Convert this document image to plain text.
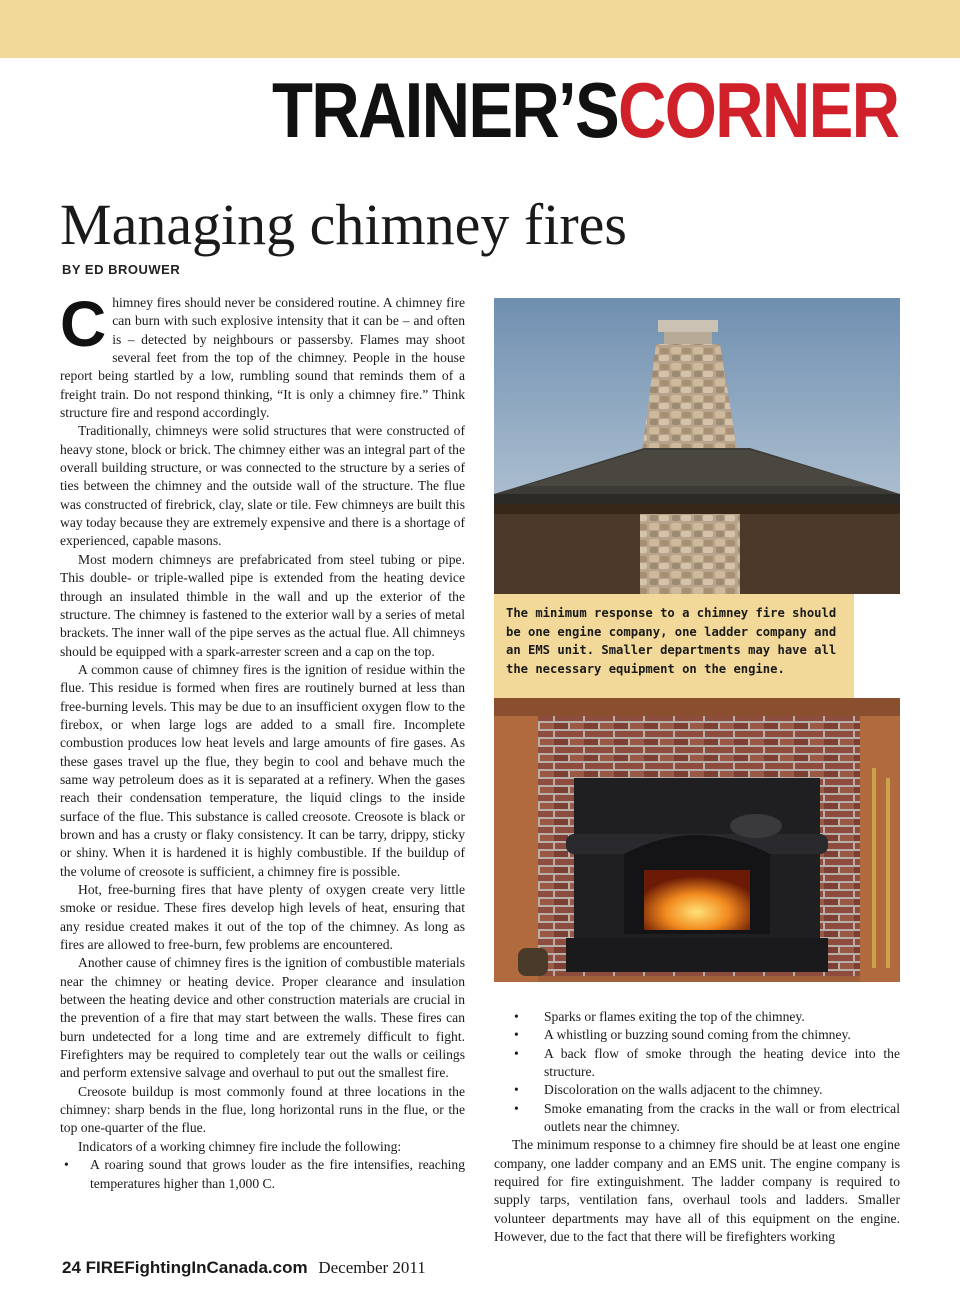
TRAINER’SCORNER
Managing chimney fires
BY ED BROUWER

Chimney fires should never be considered routine. A chimney fire can burn with such explosive intensity that it can be – and often is – detected by neighbours or passersby. Flames may shoot several feet from the top of the chimney. People in the house report being startled by a low, rumbling sound that reminds them of a freight train. Do not respond thinking, “It is only a chimney fire.” Think structure fire and respond accordingly.

Traditionally, chimneys were solid structures that were constructed of heavy stone, block or brick. The chimney either was an integral part of the overall building structure, or was connected to the structure by a series of ties between the chimney and the outside wall of the structure. The flue was constructed of firebrick, clay, slate or tile. Few chimneys are built this way today because they are extremely expensive and there is a shortage of experienced, capable masons.

Most modern chimneys are prefabricated from steel tubing or pipe. This double- or triple-walled pipe is extended from the heating device through an insulated thimble in the wall and up the exterior of the structure. The chimney is fastened to the exterior wall by a series of metal brackets. The inner wall of the pipe serves as the actual flue. All chimneys should be equipped with a spark-arrester screen and a cap on the top.

A common cause of chimney fires is the ignition of residue within the flue. This residue is formed when fires are routinely burned at less than free-burning levels. This may be due to an insufficient oxygen flow to the firebox, or when large logs are added to a small fire. Incomplete combustion produces low heat levels and large amounts of fire gases. As these gases travel up the flue, they begin to cool and behave much the same way petroleum does as it is separated at a refinery. When the gases reach their condensation temperature, the liquid clings to the inside surface of the flue. This substance is called creosote. Creosote is black or brown and has a crusty or flaky consistency. It can be tarry, drippy, sticky or shiny. When it is hardened it is highly combustible. If the buildup of the volume of creosote is sufficient, a chimney fire is possible.

Hot, free-burning fires that have plenty of oxygen create very little smoke or residue. These fires develop high levels of heat, ensuring that any residue created makes it out of the top of the chimney. As long as fires are allowed to free-burn, few problems are encountered.

Another cause of chimney fires is the ignition of combustible materials near the chimney or heating device. Proper clearance and insulation between the heating device and other construction materials are crucial in the prevention of a fire that may start between the walls. These fires can burn undetected for a long time and are extremely difficult to fight. Firefighters may be required to completely tear out the walls or ceilings and perform extensive salvage and overhaul to put out the smallest fire.

Creosote buildup is most commonly found at three locations in the chimney: sharp bends in the flue, long horizontal runs in the flue, or the top one-quarter of the flue.

Indicators of a working chimney fire include the following:

• A roaring sound that grows louder as the fire intensifies, reaching temperatures higher than 1,000 C.
The minimum response to a chimney fire should be one engine company, one ladder company and an EMS unit. Smaller departments may have all the necessary equipment on the engine.
• Sparks or flames exiting the top of the chimney.
• A whistling or buzzing sound coming from the chimney.
• A back flow of smoke through the heating device into the structure.
• Discoloration on the walls adjacent to the chimney.
• Smoke emanating from the cracks in the wall or from electrical outlets near the chimney.

The minimum response to a chimney fire should be at least one engine company, one ladder company and an EMS unit. The engine company is required for fire extinguishment. The ladder company is required to supply tarps, ventilation fans, overhaul tools and ladders. Smaller volunteer departments may have all of this equipment on the engine. However, due to the fact that there will be firefighters working

24 FIREFightingInCanada.com December 2011
